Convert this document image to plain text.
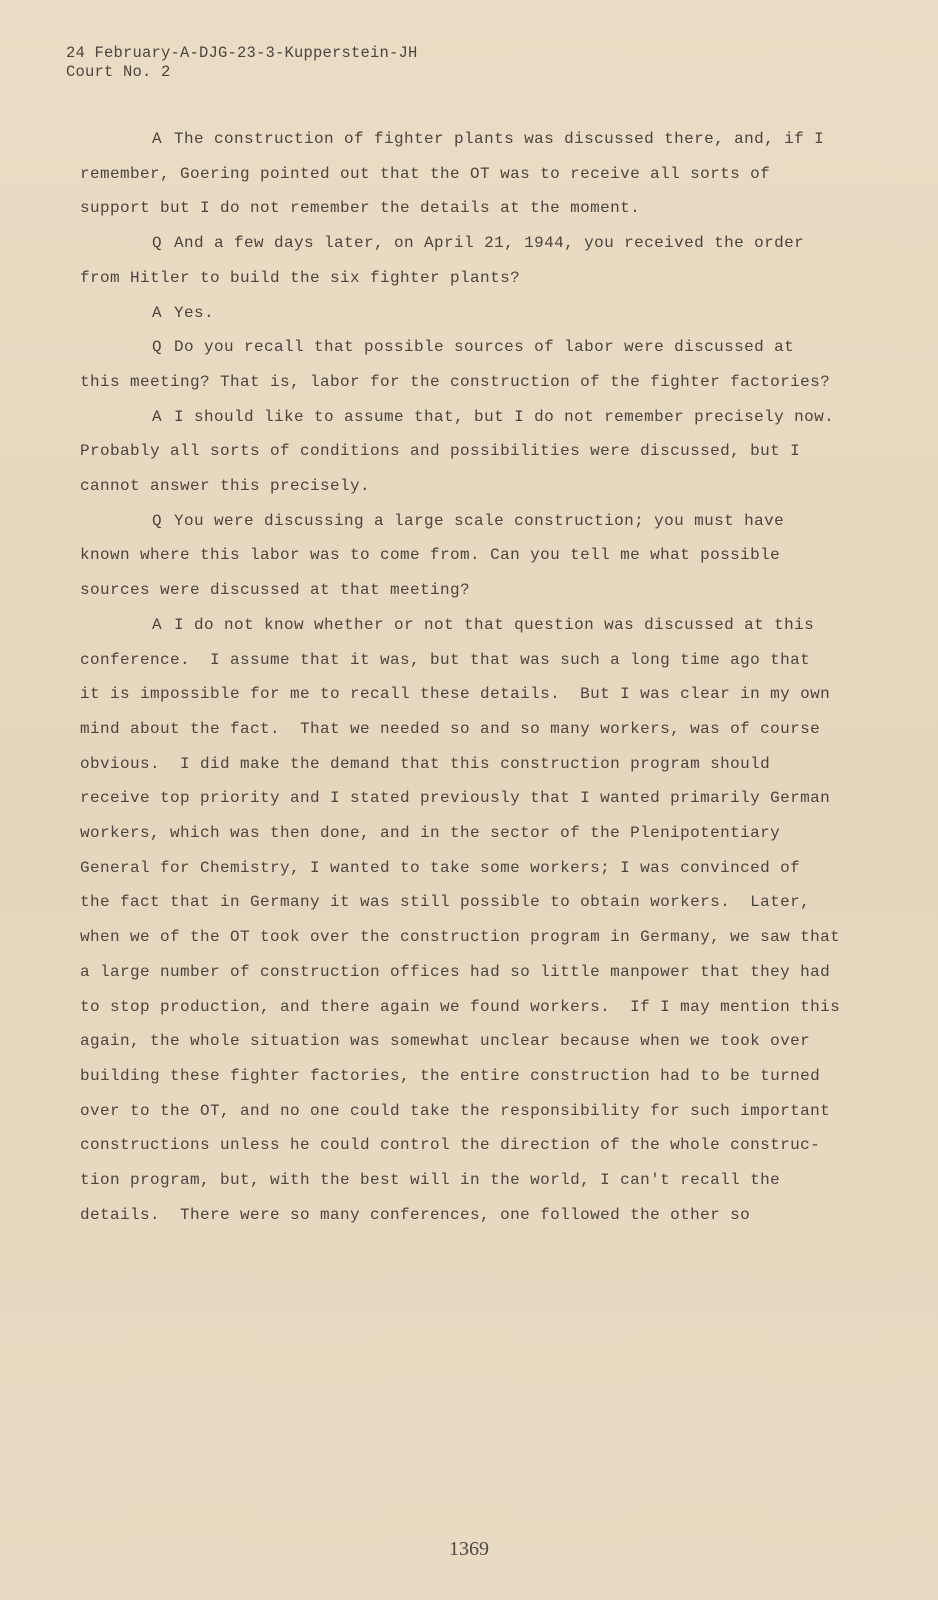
24 February-A-DJG-23-3-Kupperstein-JH
Court No. 2
A The construction of fighter plants was discussed there, and, if I
remember, Goering pointed out that the OT was to receive all sorts of
support but I do not remember the details at the moment.
Q And a few days later, on April 21, 1944, you received the order
from Hitler to build the six fighter plants?
A Yes.
Q Do you recall that possible sources of labor were discussed at
this meeting? That is, labor for the construction of the fighter factories?
A I should like to assume that, but I do not remember precisely now.
Probably all sorts of conditions and possibilities were discussed, but I
cannot answer this precisely.
Q You were discussing a large scale construction; you must have
known where this labor was to come from. Can you tell me what possible
sources were discussed at that meeting?
A I do not know whether or not that question was discussed at this
conference.  I assume that it was, but that was such a long time ago that
it is impossible for me to recall these details.  But I was clear in my own
mind about the fact.  That we needed so and so many workers, was of course
obvious.  I did make the demand that this construction program should
receive top priority and I stated previously that I wanted primarily German
workers, which was then done, and in the sector of the Plenipotentiary
General for Chemistry, I wanted to take some workers; I was convinced of
the fact that in Germany it was still possible to obtain workers.  Later,
when we of the OT took over the construction program in Germany, we saw that
a large number of construction offices had so little manpower that they had
to stop production, and there again we found workers.  If I may mention this
again, the whole situation was somewhat unclear because when we took over
building these fighter factories, the entire construction had to be turned
over to the OT, and no one could take the responsibility for such important
constructions unless he could control the direction of the whole construc-
tion program, but, with the best will in the world, I can't recall the
details.  There were so many conferences, one followed the other so
1369
